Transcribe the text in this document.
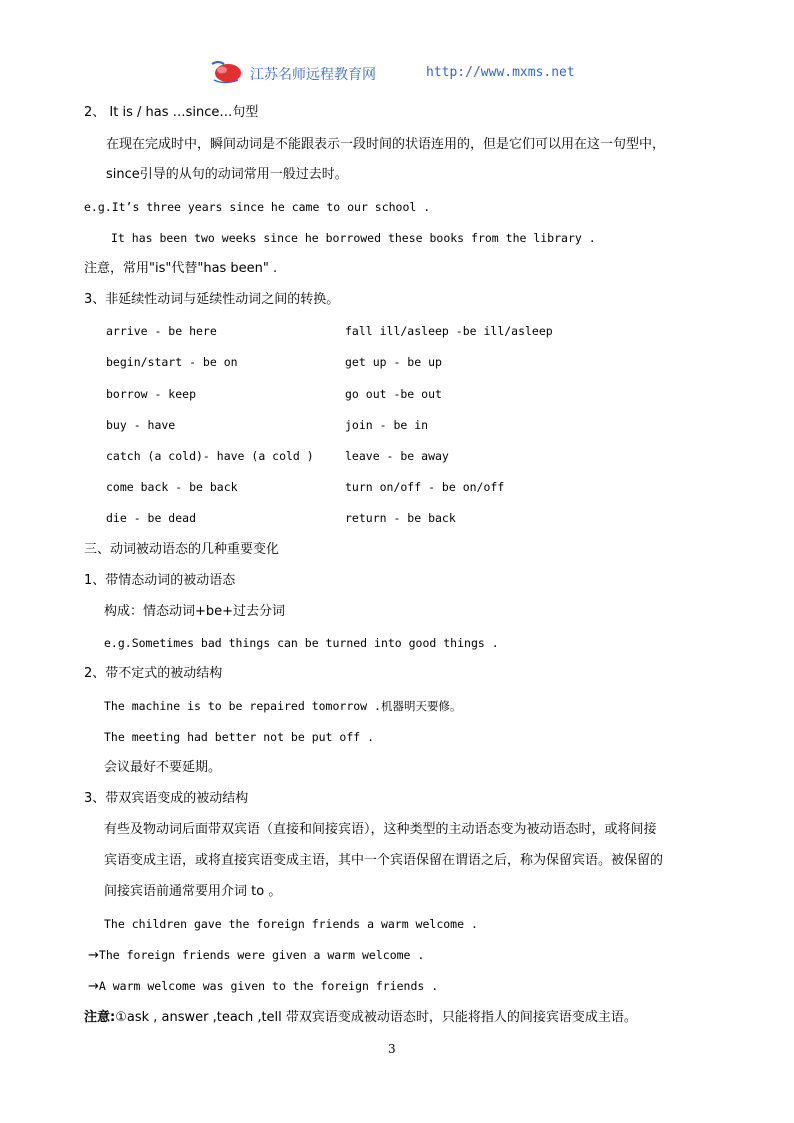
江苏名师远程教育网	http://www.mxms.net
2、 It is / has …since…句型
在现在完成时中，瞬间动词是不能跟表示一段时间的状语连用的，但是它们可以用在这一句型中，
since引导的从句的动词常用一般过去时。
e.g.It’s three years since he came to our school .
It has been two weeks since he borrowed these books from the library .
注意，常用"is"代替"has been" .
3、非延续性动词与延续性动词之间的转换。
arrive - be here	fall ill/asleep -be ill/asleep
begin/start - be on	get up - be up
borrow - keep	go out -be out
buy - have	join - be in
catch (a cold)- have (a cold )	leave - be away
come back - be back	turn on/off - be on/off
die - be dead	return - be back
三、动词被动语态的几种重要变化
1、带情态动词的被动语态
构成：情态动词+be+过去分词
e.g.Sometimes bad things can be turned into good things .
2、带不定式的被动结构
The machine is to be repaired tomorrow .机器明天要修。
The meeting had better not be put off .
会议最好不要延期。
3、带双宾语变成的被动结构
有些及物动词后面带双宾语（直接和间接宾语），这种类型的主动语态变为被动语态时，或将间接
宾语变成主语，或将直接宾语变成主语，其中一个宾语保留在谓语之后，称为保留宾语。被保留的
间接宾语前通常要用介词 to 。
The children gave the foreign friends a warm welcome .
→The foreign friends were given a warm welcome .
→A warm welcome was given to the foreign friends .
注意:①ask , answer ,teach ,tell 带双宾语变成被动语态时，只能将指人的间接宾语变成主语。
3
